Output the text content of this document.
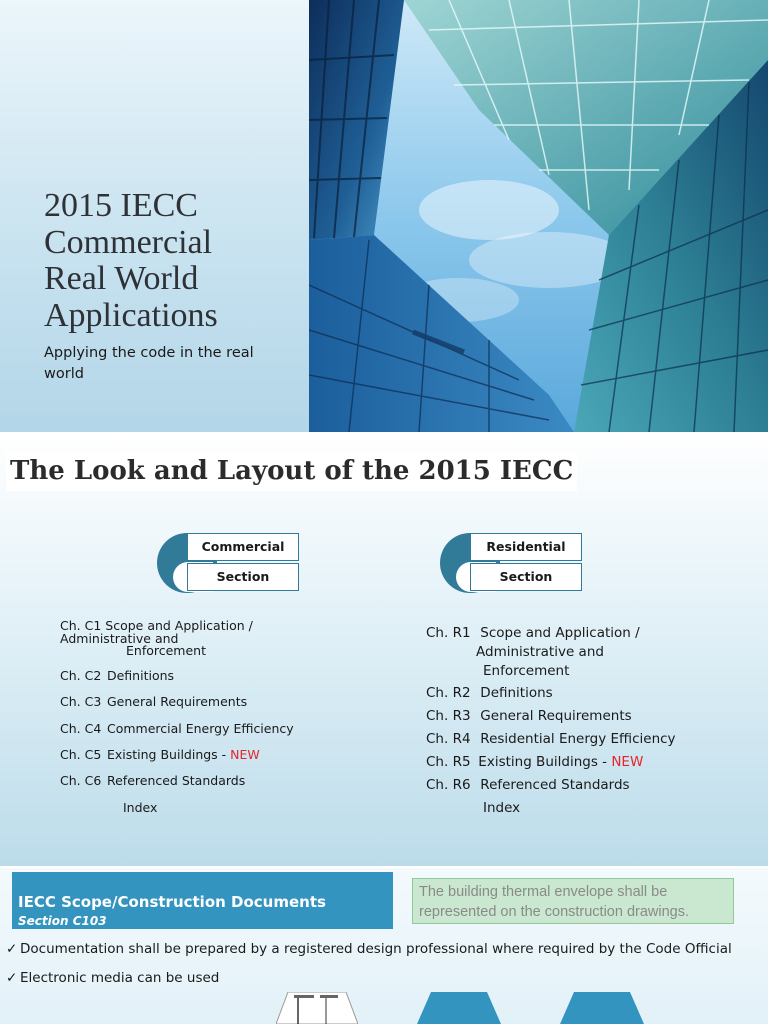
2015 IECC
Commercial
Real World
Applications
Applying the code in the real world
The Look and Layout of the 2015 IECC
Commercial
Section
Residential
Section
Ch. C1 Scope and Application /
Administrative and
Enforcement
Ch. C2 Definitions
Ch. C3 General Requirements
Ch. C4 Commercial Energy Efficiency
Ch. C5 Existing Buildings - NEW
Ch. C6 Referenced Standards
Index
Ch. R1 Scope and Application /
Administrative and
Enforcement
Ch. R2 Definitions
Ch. R3 General Requirements
Ch. R4 Residential Energy Efficiency
Ch. R5 Existing Buildings - NEW
Ch. R6 Referenced Standards
Index
IECC Scope/Construction Documents
Section C103
The building thermal envelope shall be represented on the construction drawings.
✓ Documentation shall be prepared by a registered design professional where required by the Code Official
✓ Electronic media can be used
